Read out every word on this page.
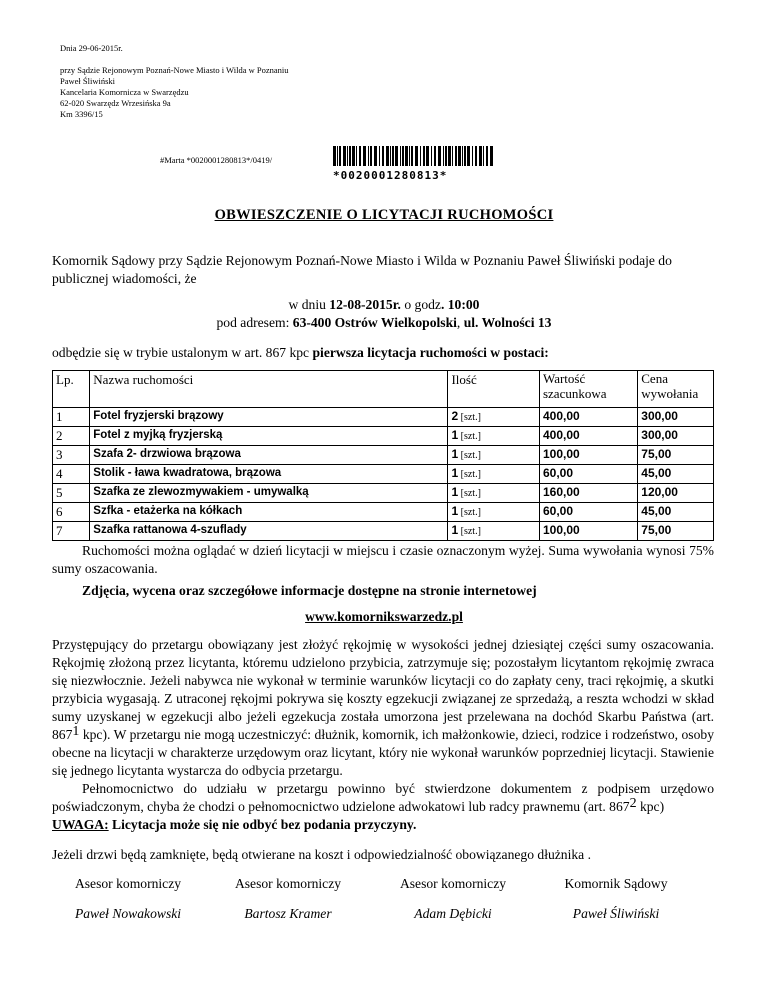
Dnia 29-06-2015r.
przy Sądzie Rejonowym Poznań-Nowe Miasto i Wilda w Poznaniu
Paweł Śliwiński
Kancelaria Komornicza w Swarzędzu
62-020 Swarzędz Wrzesińska 9a
Km 3396/15
#Marta *0020001280813*/0419/
*0020001280813*
OBWIESZCZENIE O LICYTACJI RUCHOMOŚCI
Komornik Sądowy przy Sądzie Rejonowym Poznań-Nowe Miasto i Wilda w Poznaniu Paweł Śliwiński podaje do publicznej wiadomości, że
w dniu 12-08-2015r. o godz. 10:00
pod adresem: 63-400 Ostrów Wielkopolski, ul. Wolności 13
odbędzie się w trybie ustalonym w art. 867 kpc pierwsza licytacja ruchomości w postaci:
Lp.	Nazwa ruchomości	Ilość	Wartość szacunkowa	Cena wywołania
1	Fotel fryzjerski brązowy	2 [szt.]	400,00	300,00
2	Fotel z myjką fryzjerską	1 [szt.]	400,00	300,00
3	Szafa 2- drzwiowa brązowa	1 [szt.]	100,00	75,00
4	Stolik - ława kwadratowa, brązowa	1 [szt.]	60,00	45,00
5	Szafka ze zlewozmywakiem - umywalką	1 [szt.]	160,00	120,00
6	Szfka - etażerka na kółkach	1 [szt.]	60,00	45,00
7	Szafka rattanowa 4-szuflady	1 [szt.]	100,00	75,00
Ruchomości można oglądać w dzień licytacji w miejscu i czasie oznaczonym wyżej. Suma wywołania wynosi 75% sumy oszacowania.
Zdjęcia, wycena oraz szczegółowe informacje dostępne na stronie internetowej
www.komornikswarzedz.pl
Przystępujący do przetargu obowiązany jest złożyć rękojmię w wysokości jednej dziesiątej części sumy oszacowania. Rękojmię złożoną przez licytanta, któremu udzielono przybicia, zatrzymuje się; pozostałym licytantom rękojmię zwraca się niezwłocznie. Jeżeli nabywca nie wykonał w terminie warunków licytacji co do zapłaty ceny, traci rękojmię, a skutki przybicia wygasają. Z utraconej rękojmi pokrywa się koszty egzekucji związanej ze sprzedażą, a reszta wchodzi w skład sumy uzyskanej w egzekucji albo jeżeli egzekucja została umorzona jest przelewana na dochód Skarbu Państwa (art. $867^1$ kpc). W przetargu nie mogą uczestniczyć: dłużnik, komornik, ich małżonkowie, dzieci, rodzice i rodzeństwo, osoby obecne na licytacji w charakterze urzędowym oraz licytant, który nie wykonał warunków poprzedniej licytacji. Stawienie się jednego licytanta wystarcza do odbycia przetargu.
Pełnomocnictwo do udziału w przetargu powinno być stwierdzone dokumentem z podpisem urzędowo poświadczonym, chyba że chodzi o pełnomocnictwo udzielone adwokatowi lub radcy prawnemu (art. $867^2$ kpc)
UWAGA: Licytacja może się nie odbyć bez podania przyczyny.
Jeżeli drzwi będą zamknięte, będą otwierane na koszt i odpowiedzialność obowiązanego dłużnika .
Asesor komorniczy
Paweł Nowakowski
Asesor komorniczy
Bartosz Kramer
Asesor komorniczy
Adam Dębicki
Komornik Sądowy
Paweł Śliwiński
